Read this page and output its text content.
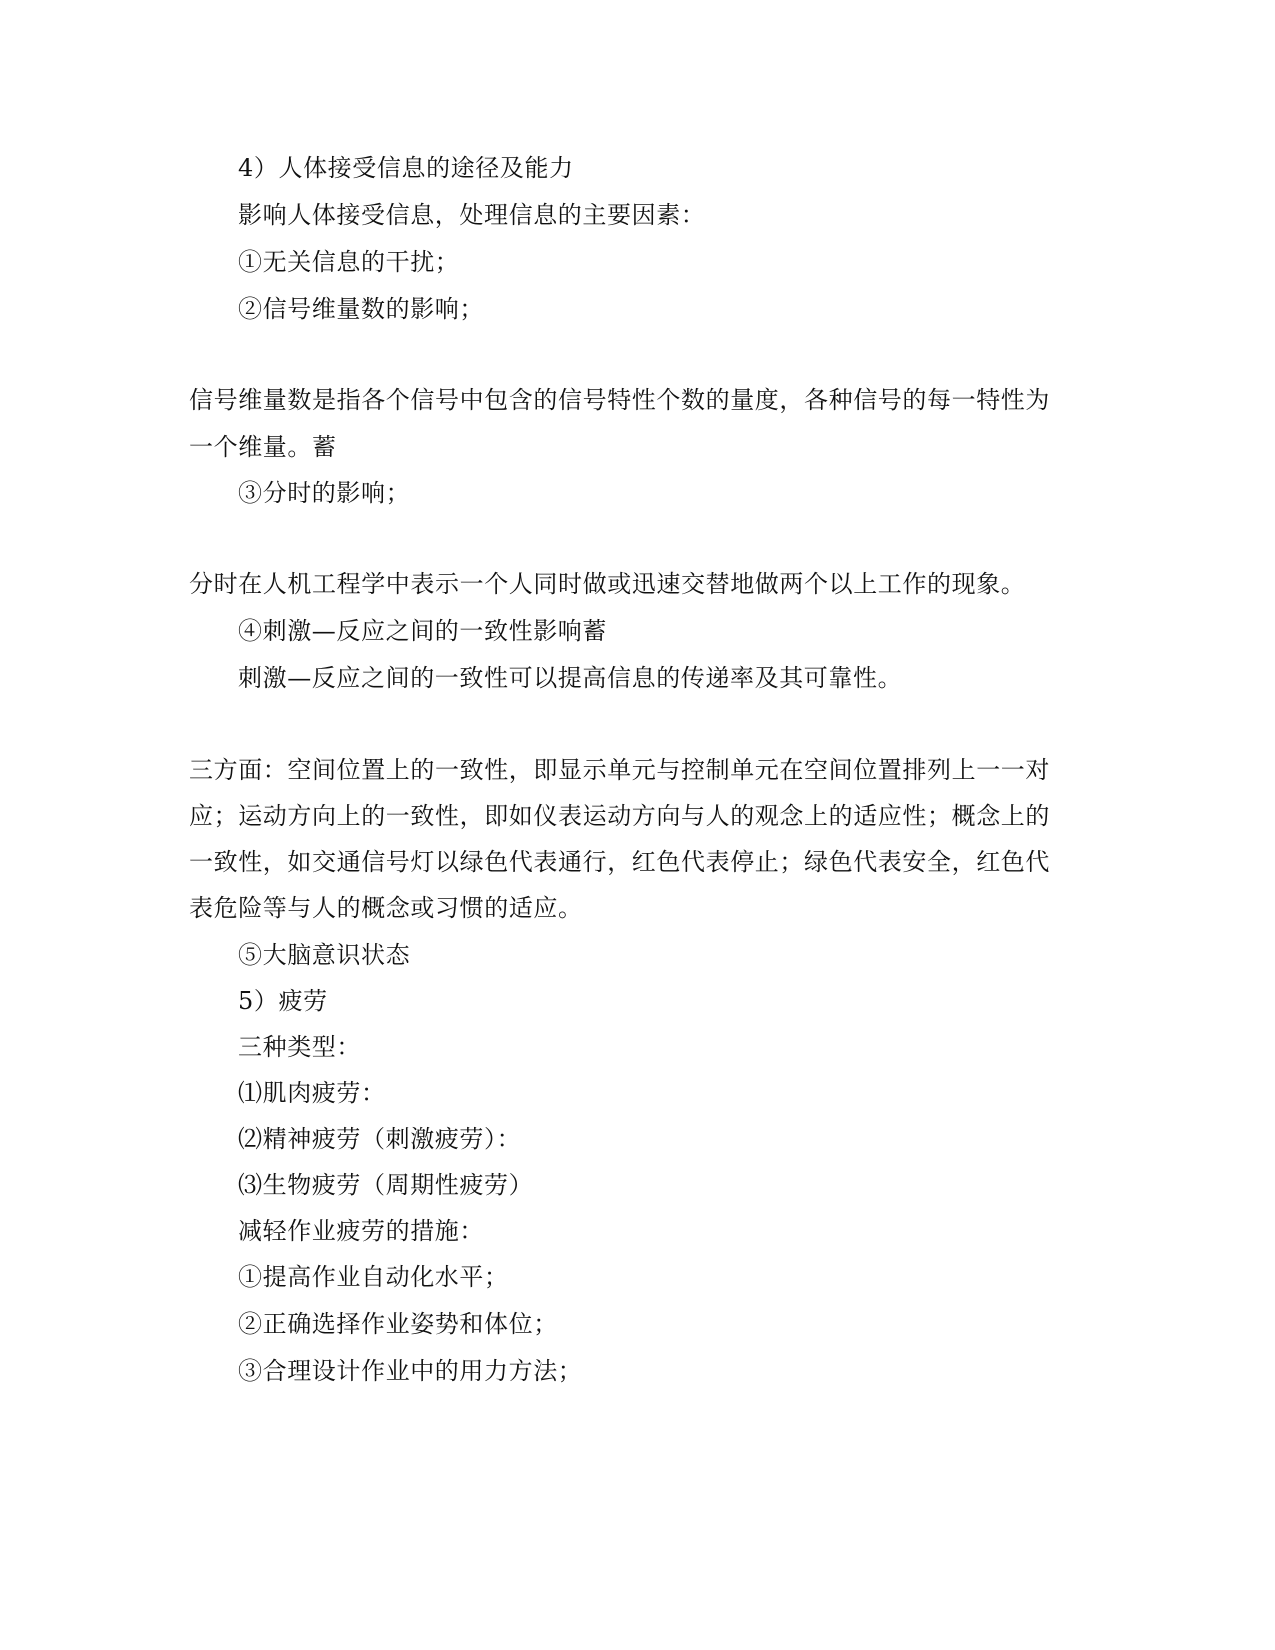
4）人体接受信息的途径及能力
影响人体接受信息，处理信息的主要因素：
①无关信息的干扰；
②信号维量数的影响；
信号维量数是指各个信号中包含的信号特性个数的量度，各种信号的每一特性为
一个维量。蓄
③分时的影响；
分时在人机工程学中表示一个人同时做或迅速交替地做两个以上工作的现象。
④刺激—反应之间的一致性影响蓄
刺激—反应之间的一致性可以提高信息的传递率及其可靠性。
三方面：空间位置上的一致性，即显示单元与控制单元在空间位置排列上一一对
应；运动方向上的一致性，即如仪表运动方向与人的观念上的适应性；概念上的
一致性，如交通信号灯以绿色代表通行，红色代表停止；绿色代表安全，红色代
表危险等与人的概念或习惯的适应。
⑤大脑意识状态
5）疲劳
三种类型：
⑴肌肉疲劳：
⑵精神疲劳（刺激疲劳）：
⑶生物疲劳（周期性疲劳）
减轻作业疲劳的措施：
①提高作业自动化水平；
②正确选择作业姿势和体位；
③合理设计作业中的用力方法；
